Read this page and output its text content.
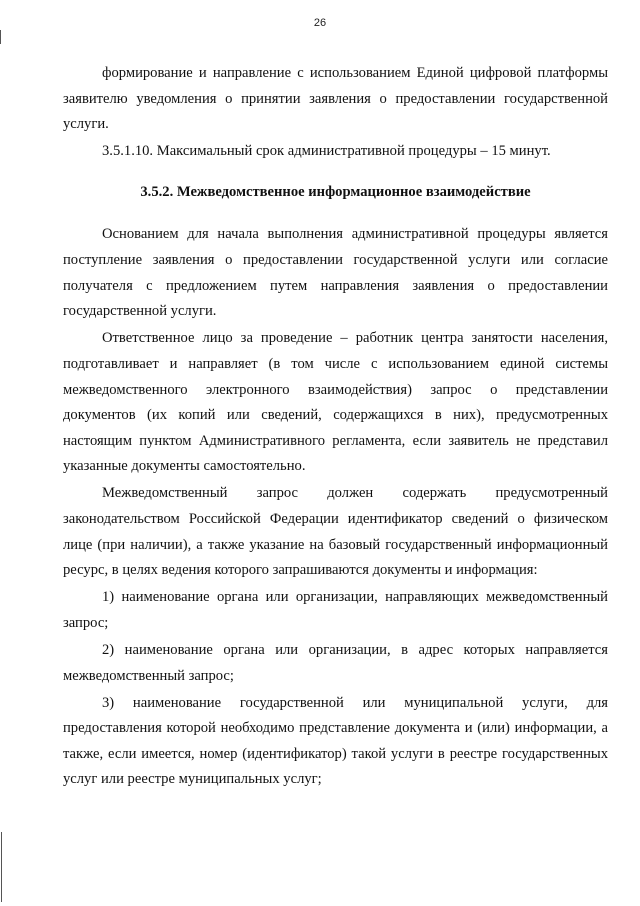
26

формирование и направление с использованием Единой цифровой платформы заявителю уведомления о принятии заявления о предоставлении государственной услуги.

3.5.1.10. Максимальный срок административной процедуры – 15 минут.

3.5.2. Межведомственное информационное взаимодействие

Основанием для начала выполнения административной процедуры является поступление заявления о предоставлении государственной услуги или согласие получателя с предложением путем направления заявления о предоставлении государственной услуги.

Ответственное лицо за проведение – работник центра занятости населения, подготавливает и направляет (в том числе с использованием единой системы межведомственного электронного взаимодействия) запрос о представлении документов (их копий или сведений, содержащихся в них), предусмотренных настоящим пунктом Административного регламента, если заявитель не представил указанные документы самостоятельно.

Межведомственный запрос должен содержать предусмотренный законодательством Российской Федерации идентификатор сведений о физическом лице (при наличии), а также указание на базовый государственный информационный ресурс, в целях ведения которого запрашиваются документы и информация:

1) наименование органа или организации, направляющих межведомственный запрос;

2) наименование органа или организации, в адрес которых направляется межведомственный запрос;

3) наименование государственной или муниципальной услуги, для предоставления которой необходимо представление документа и (или) информации, а также, если имеется, номер (идентификатор) такой услуги в реестре государственных услуг или реестре муниципальных услуг;
